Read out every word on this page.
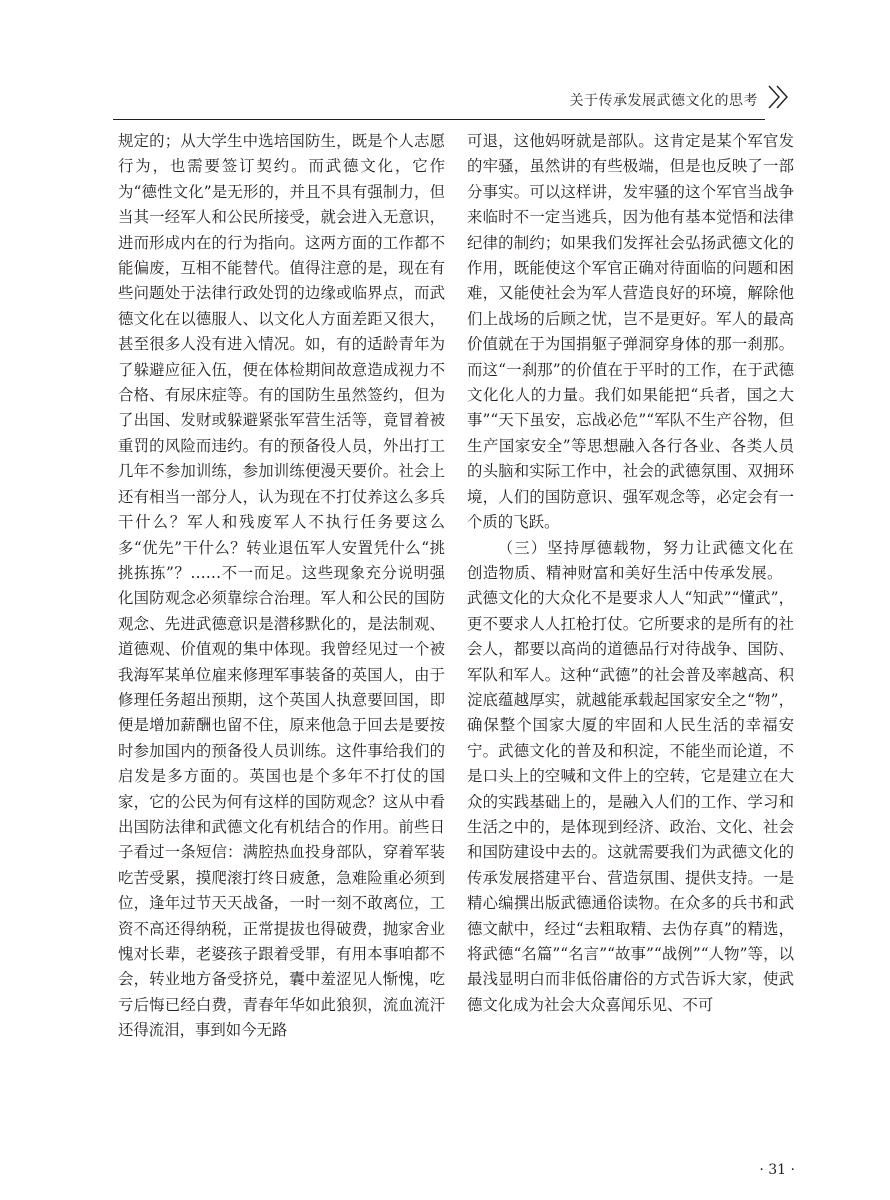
关于传承发展武德文化的思考

规定的；从大学生中选培国防生，既是个人志愿行为，也需要签订契约。而武德文化，它作为“德性文化”是无形的，并且不具有强制力，但当其一经军人和公民所接受，就会进入无意识，进而形成内在的行为指向。这两方面的工作都不能偏废，互相不能替代。值得注意的是，现在有些问题处于法律行政处罚的边缘或临界点，而武德文化在以德服人、以文化人方面差距又很大，甚至很多人没有进入情况。如，有的适龄青年为了躲避应征入伍，便在体检期间故意造成视力不合格、有尿床症等。有的国防生虽然签约，但为了出国、发财或躲避紧张军营生活等，竟冒着被重罚的风险而违约。有的预备役人员，外出打工几年不参加训练，参加训练便漫天要价。社会上还有相当一部分人，认为现在不打仗养这么多兵干什么？军人和残废军人不执行任务要这么多“优先”干什么？转业退伍军人安置凭什么“挑挑拣拣”？……不一而足。这些现象充分说明强化国防观念必须靠综合治理。军人和公民的国防观念、先进武德意识是潜移默化的，是法制观、道德观、价值观的集中体现。我曾经见过一个被我海军某单位雇来修理军事装备的英国人，由于修理任务超出预期，这个英国人执意要回国，即便是增加薪酬也留不住，原来他急于回去是要按时参加国内的预备役人员训练。这件事给我们的启发是多方面的。英国也是个多年不打仗的国家，它的公民为何有这样的国防观念？这从中看出国防法律和武德文化有机结合的作用。前些日子看过一条短信：满腔热血投身部队，穿着军装吃苦受累，摸爬滚打终日疲惫，急难险重必须到位，逢年过节天天战备，一时一刻不敢离位，工资不高还得纳税，正常提拔也得破费，抛家舍业愧对长辈，老婆孩子跟着受罪，有用本事咱都不会，转业地方备受挤兑，囊中羞涩见人惭愧，吃亏后悔已经白费，青春年华如此狼狈，流血流汗还得流泪，事到如今无路

可退，这他妈呀就是部队。这肯定是某个军官发的牢骚，虽然讲的有些极端，但是也反映了一部分事实。可以这样讲，发牢骚的这个军官当战争来临时不一定当逃兵，因为他有基本觉悟和法律纪律的制约；如果我们发挥社会弘扬武德文化的作用，既能使这个军官正确对待面临的问题和困难，又能使社会为军人营造良好的环境，解除他们上战场的后顾之忧，岂不是更好。军人的最高价值就在于为国捐躯子弹洞穿身体的那一刹那。而这“一刹那”的价值在于平时的工作，在于武德文化化人的力量。我们如果能把“兵者，国之大事”“天下虽安，忘战必危”“军队不生产谷物，但生产国家安全”等思想融入各行各业、各类人员的头脑和实际工作中，社会的武德氛围、双拥环境，人们的国防意识、强军观念等，必定会有一个质的飞跃。

（三）坚持厚德载物，努力让武德文化在创造物质、精神财富和美好生活中传承发展。

武德文化的大众化不是要求人人“知武”“懂武”，更不要求人人扛枪打仗。它所要求的是所有的社会人，都要以高尚的道德品行对待战争、国防、军队和军人。这种“武德”的社会普及率越高、积淀底蕴越厚实，就越能承载起国家安全之“物”，确保整个国家大厦的牢固和人民生活的幸福安宁。武德文化的普及和积淀，不能坐而论道，不是口头上的空喊和文件上的空转，它是建立在大众的实践基础上的，是融入人们的工作、学习和生活之中的，是体现到经济、政治、文化、社会和国防建设中去的。这就需要我们为武德文化的传承发展搭建平台、营造氛围、提供支持。一是精心编撰出版武德通俗读物。在众多的兵书和武德文献中，经过“去粗取精、去伪存真”的精选，将武德“名篇”“名言”“故事”“战例”“人物”等，以最浅显明白而非低俗庸俗的方式告诉大家，使武德文化成为社会大众喜闻乐见、不可

· 31 ·
